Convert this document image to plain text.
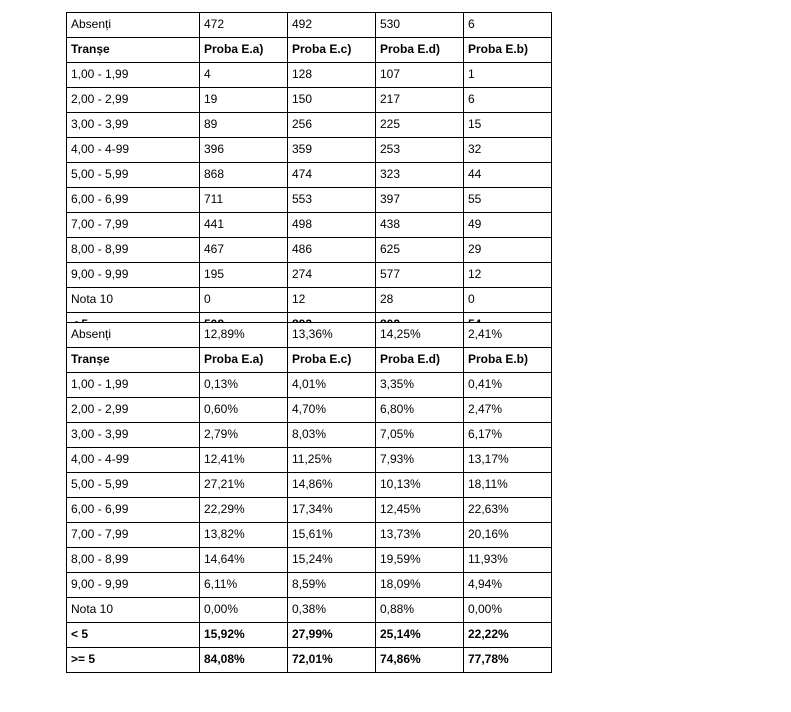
Absenți	472	492	530	6
Tranșe	Proba E.a)	Proba E.c)	Proba E.d)	Proba E.b)
1,00 - 1,99	4	128	107	1
2,00 - 2,99	19	150	217	6
3,00 - 3,99	89	256	225	15
4,00 - 4-99	396	359	253	32
5,00 - 5,99	868	474	323	44
6,00 - 6,99	711	553	397	55
7,00 - 7,99	441	498	438	49
8,00 - 8,99	467	486	625	29
9,00 - 9,99	195	274	577	12
Nota 10	0	12	28	0

Absenți	12,89%	13,36%	14,25%	2,41%
Tranșe	Proba E.a)	Proba E.c)	Proba E.d)	Proba E.b)
1,00 - 1,99	0,13%	4,01%	3,35%	0,41%
2,00 - 2,99	0,60%	4,70%	6,80%	2,47%
3,00 - 3,99	2,79%	8,03%	7,05%	6,17%
4,00 - 4-99	12,41%	11,25%	7,93%	13,17%
5,00 - 5,99	27,21%	14,86%	10,13%	18,11%
6,00 - 6,99	22,29%	17,34%	12,45%	22,63%
7,00 - 7,99	13,82%	15,61%	13,73%	20,16%
8,00 - 8,99	14,64%	15,24%	19,59%	11,93%
9,00 - 9,99	6,11%	8,59%	18,09%	4,94%
Nota 10	0,00%	0,38%	0,88%	0,00%
< 5	15,92%	27,99%	25,14%	22,22%
>= 5	84,08%	72,01%	74,86%	77,78%
